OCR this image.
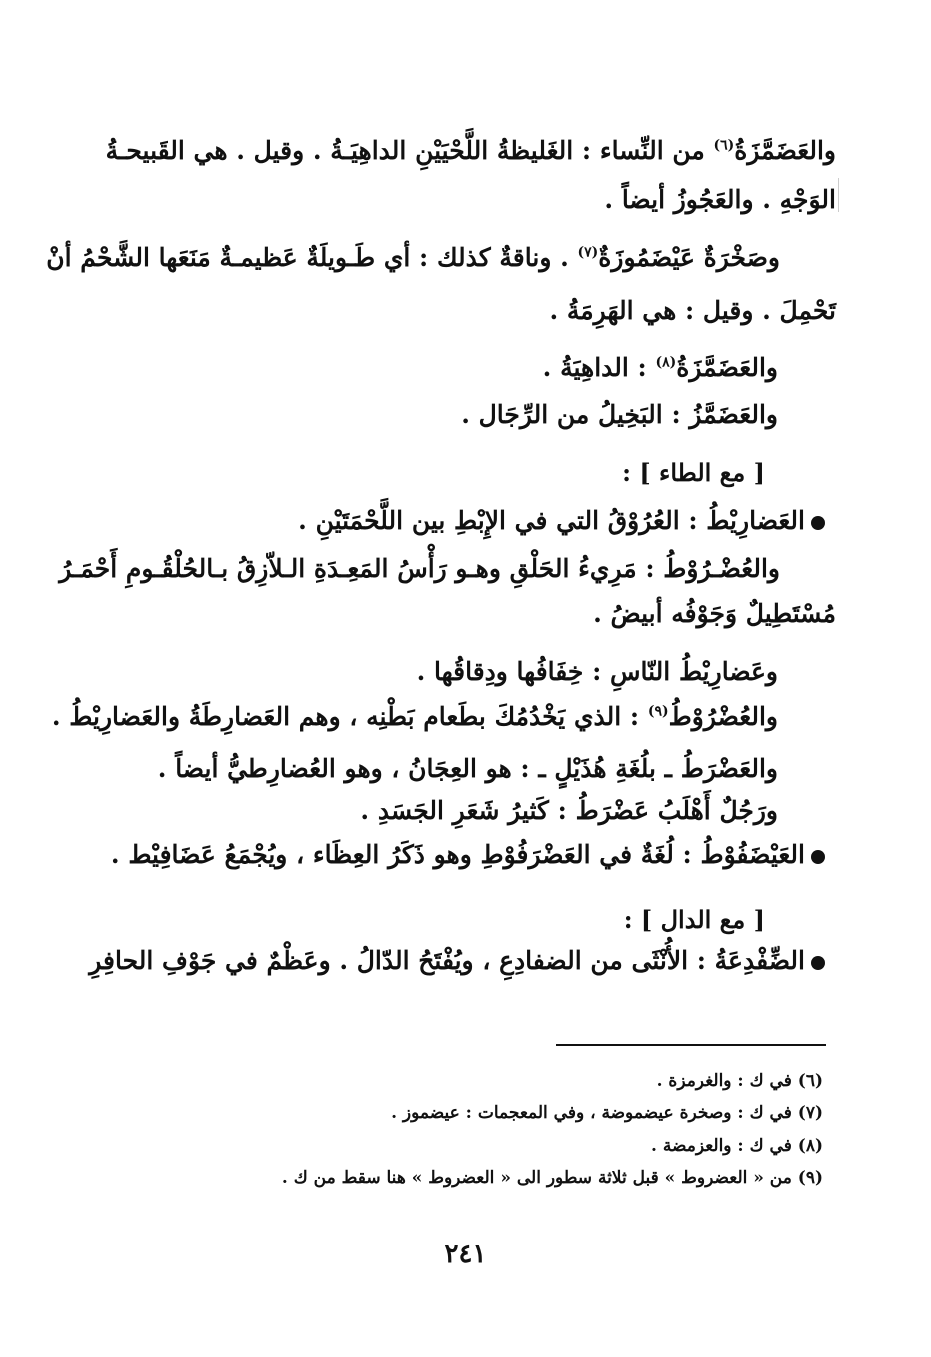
والعَضَمَّزَةُ$^{(٦)}$ من النِّساء : الغَليظةُ اللَّحْيَيْنِ الداهِيَـةُ . وقيل . هي القَبيحـةُ
الوَجْهِ . والعَجُوزُ أيضاً .
وصَخْرَةٌ عَيْضَمُوزَةٌ$^{(٧)}$ . وناقةٌ كذلك : أي طَـويلَةٌ عَظيمـةٌ مَنَعَها الشَّحْمُ أنْ
تَحْمِلَ . وقيل : هي الهَرِمَةُ .
والعَضَمَّزَةُ$^{(٨)}$ : الداهِيَةُ .
والعَضَمَّزُ : البَخِيلُ من الرِّجَال .
[ مع الطاء ] :
العَضارِيْطُ : العُرُوْقُ التي في الإِبْطِ بين اللَّحْمَتَيْنِ .
والعُضْـرُوْطُ : مَرِيءُ الحَلْقِ وهـو رَأْسُ المَعِـدَةِ الـلاّزِقُ بـالحُلْقُـومِ أَحْمَـرُ
مُسْتَطِيلٌ وَجَوْفُه أبيضُ .
وعَضارِيْطُ النّاسِ : خِفَافُها ودِقاقُها .
والعُضْرُوْطُ$^{(٩)}$ : الذي يَخْدُمُكَ بطَعام بَطْنِه ، وهم العَضارِطَةُ والعَضارِيْطُ .
والعَضْرَطُ ـ بلُغَةِ هُذَيْلٍ ـ : هو العِجَانُ ، وهو العُضارِطيُّ أيضاً .
ورَجُلٌ أَهْلَبُ عَضْرَطُ : كَثيرُ شَعَرِ الجَسَدِ .
العَيْضَفُوْطُ : لُغَةٌ في العَضْرَفُوْطِ وهو ذَكَرُ العِظَاء ، ويُجْمَعُ عَضَافِيْط .
[ مع الدال ] :
الضِّفْدِعَةُ : الأُنْثَى من الضفادِعِ ، ويُفْتَحُ الدّالُ . وعَظْمٌ في جَوْفِ الحافِرِ
(٦) في ك : والغرمزة .
(٧) في ك : وصخرة عيضموضة ، وفي المعجمات : عيضموز .
(٨) في ك : والعزمضة .
(٩) من « العضروط » قبل ثلاثة سطور الى « العضروط » هنا سقط من ك .
٢٤١
